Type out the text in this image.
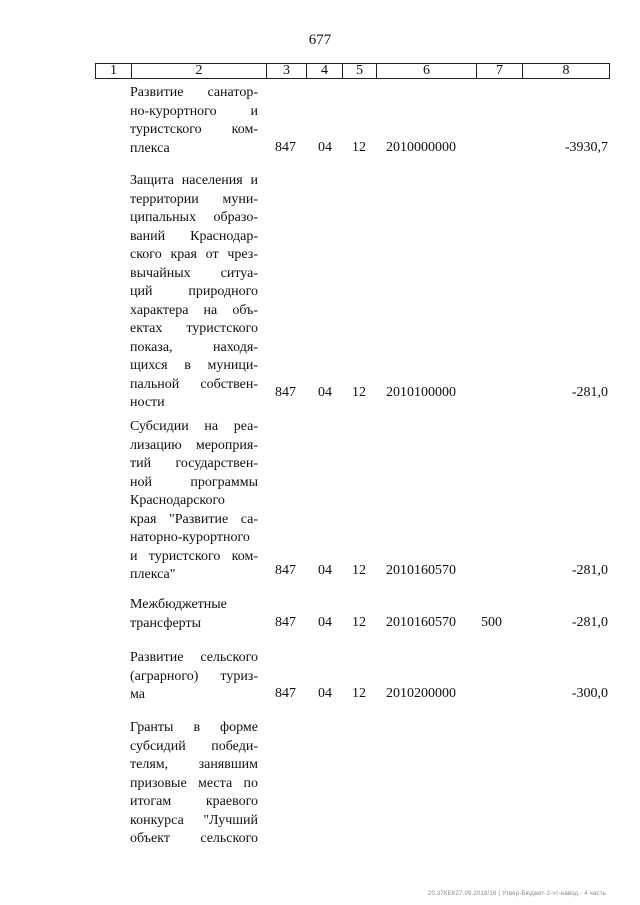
677
1	2	3	4	5	6	7	8
Развитие санатор-
но-курортного и
туристского ком-
плекса	847 04 12 2010000000	-3930,7
Защита населения и
территории муни-
ципальных образо-
ваний Краснодар-
ского края от чрез-
вычайных ситуа-
ций природного
характера на объ-
ектах туристского
показа, находя-
щихся в муници-
пальной собствен-
ности
847 04 12 2010100000	-281,0
Субсидии на реа-
лизацию мероприя-
тий государствен-
ной программы
Краснодарского
края "Развитие са-
наторно-курортного
и туристского ком-
плекса"	847 04 12 2010160570	-281,0
Межбюджетные
трансферты	847 04 12 2010160570 500	-281,0
Развитие сельского
(аграрного) туриз-
ма	847 04 12 2010200000	-300,0
Гранты в форме
субсидий победи-
телям, занявшим
призовые места по
итогам краевого
конкурса "Лучший
объект сельского
20.37КЕК27.09.2018/16 | Утвер-Бюджет-2-чт-навод - 4 часть
